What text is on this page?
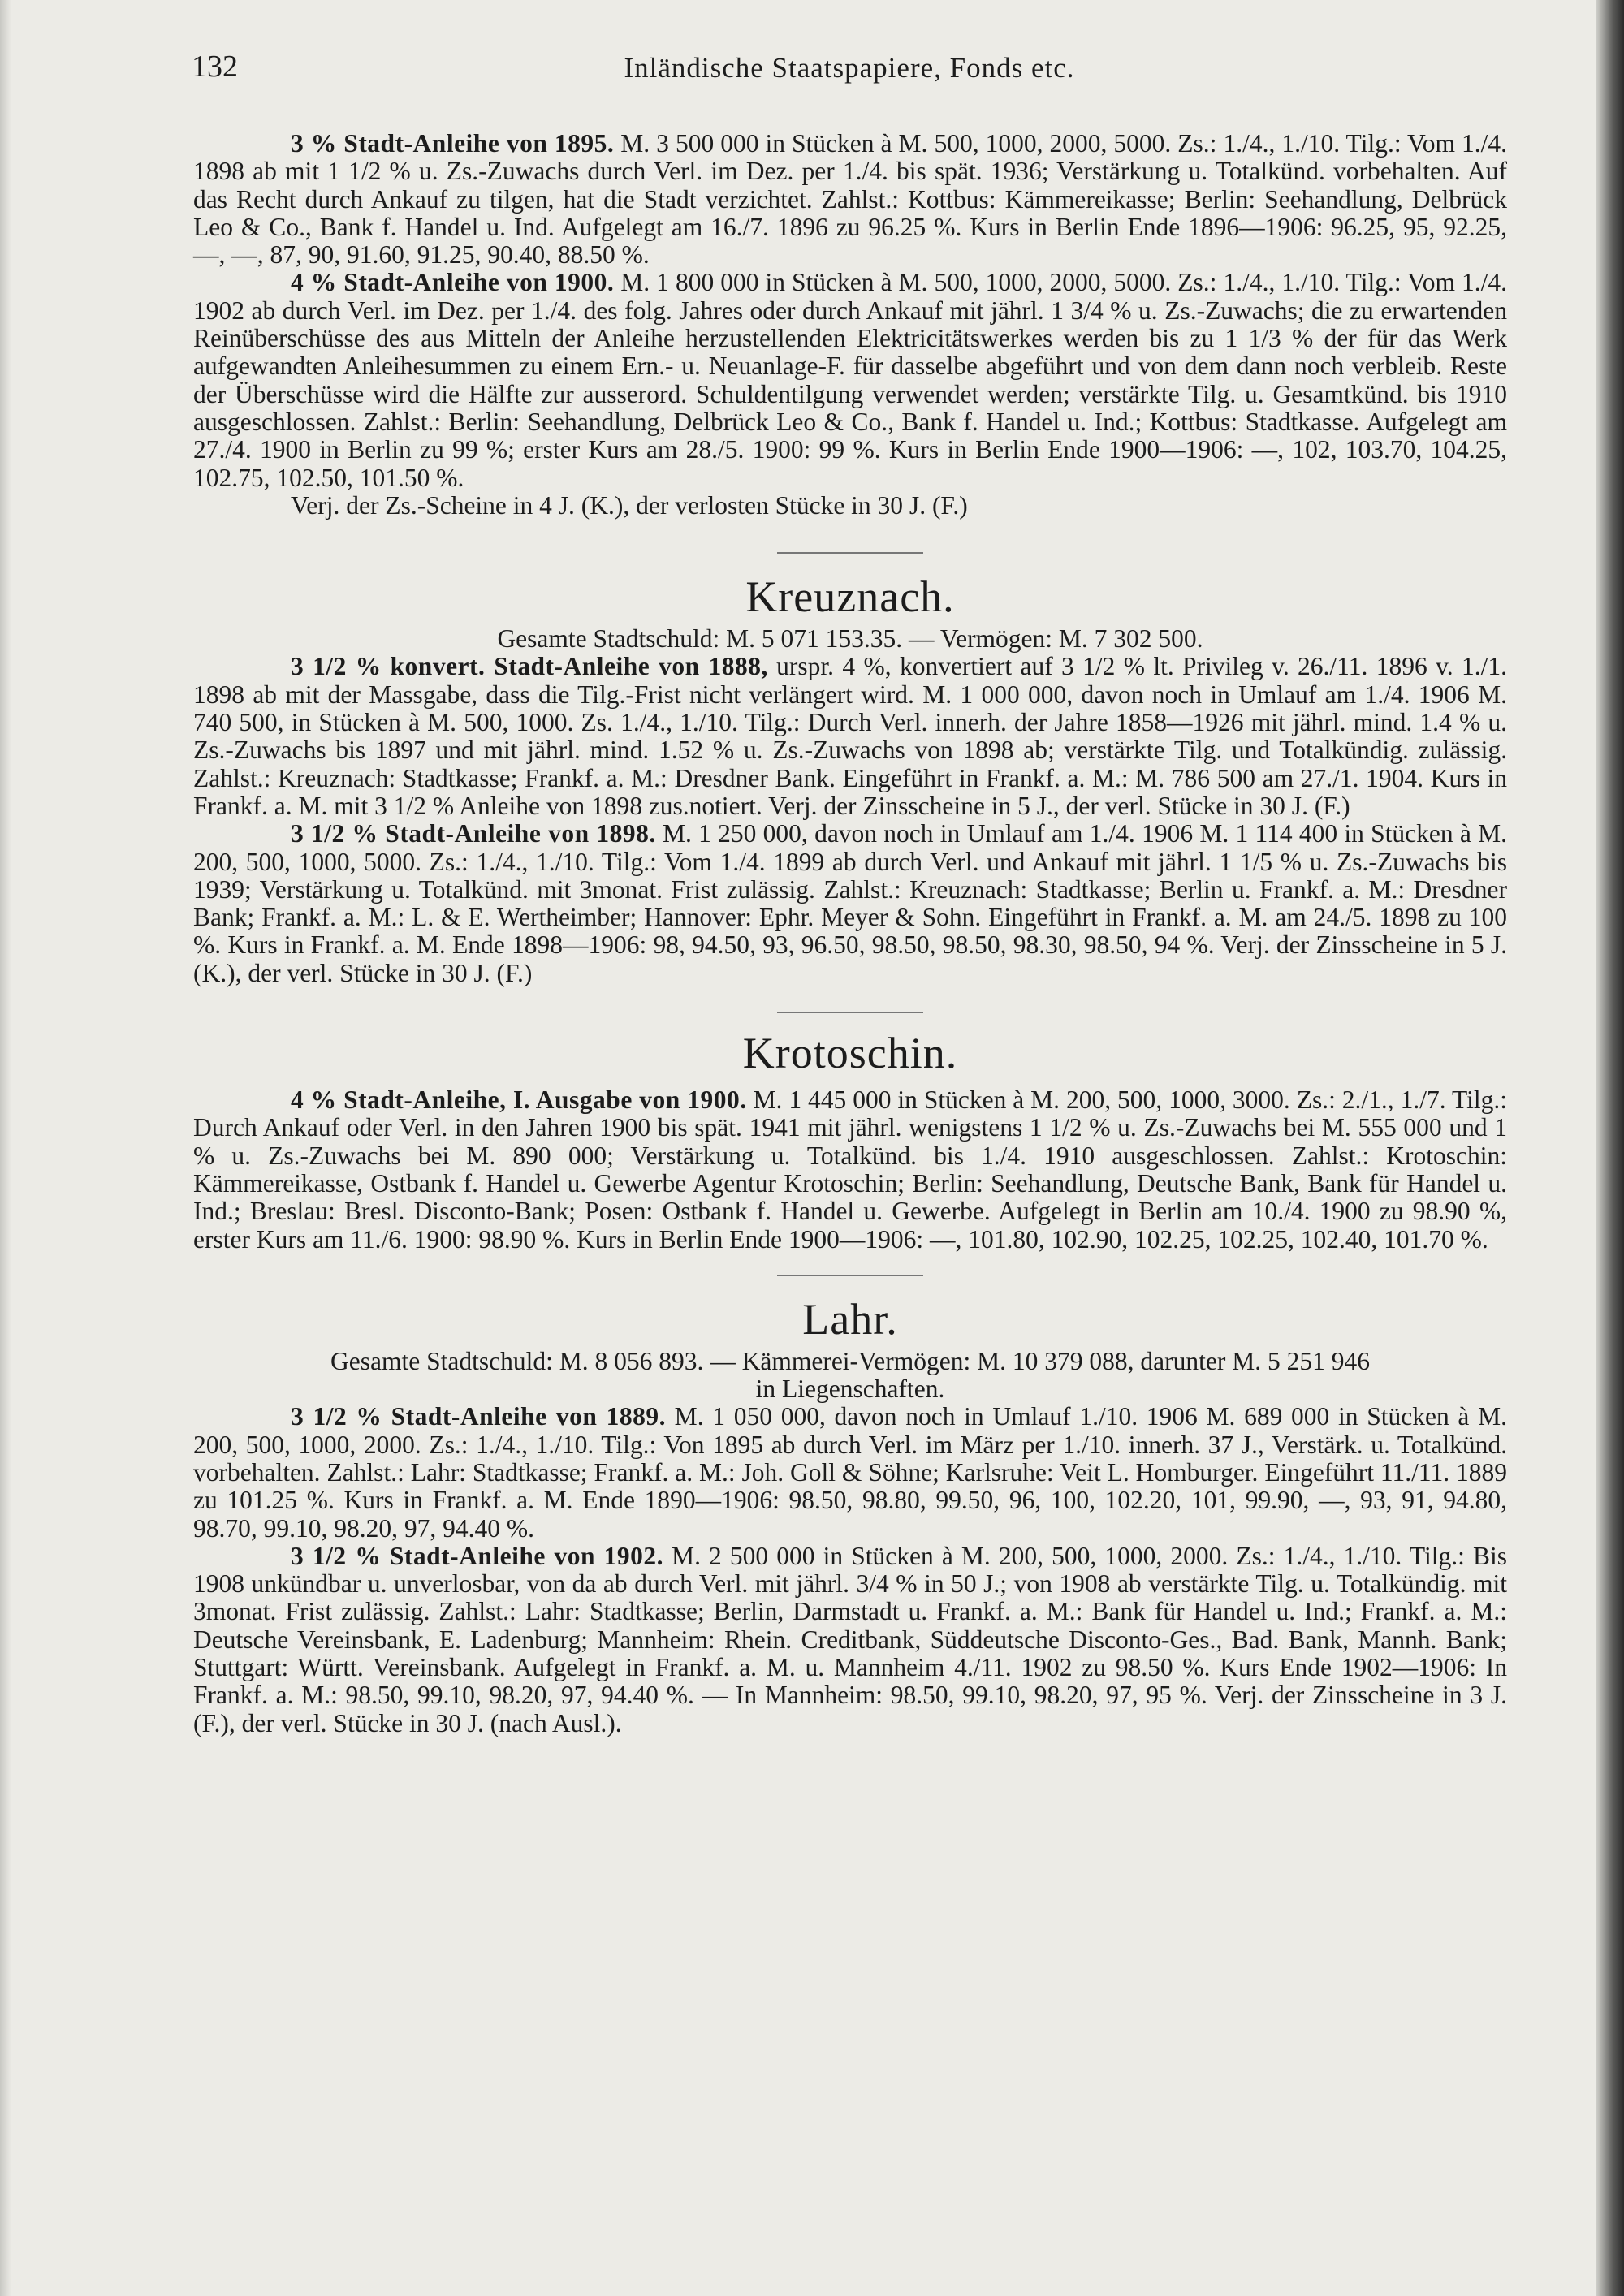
132	Inländische Staatspapiere, Fonds etc.

3 % Stadt-Anleihe von 1895. M. 3 500 000 in Stücken à M. 500, 1000, 2000, 5000. Zs.: 1./4., 1./10. Tilg.: Vom 1./4. 1898 ab mit 1 1/2 % u. Zs.-Zuwachs durch Verl. im Dez. per 1./4. bis spät. 1936; Verstärkung u. Totalkünd. vorbehalten. Auf das Recht durch Ankauf zu tilgen, hat die Stadt verzichtet. Zahlst.: Kottbus: Kämmereikasse; Berlin: Seehandlung, Delbrück Leo & Co., Bank f. Handel u. Ind. Aufgelegt am 16./7. 1896 zu 96.25 %. Kurs in Berlin Ende 1896—1906: 96.25, 95, 92.25, —, —, 87, 90, 91.60, 91.25, 90.40, 88.50 %.

4 % Stadt-Anleihe von 1900. M. 1 800 000 in Stücken à M. 500, 1000, 2000, 5000. Zs.: 1./4., 1./10. Tilg.: Vom 1./4. 1902 ab durch Verl. im Dez. per 1./4. des folg. Jahres oder durch Ankauf mit jährl. 1 3/4 % u. Zs.-Zuwachs; die zu erwartenden Reinüberschüsse des aus Mitteln der Anleihe herzustellenden Elektricitätswerkes werden bis zu 1 1/3 % der für das Werk aufgewandten Anleihesummen zu einem Ern.- u. Neuanlage-F. für dasselbe abgeführt und von dem dann noch verbleib. Reste der Überschüsse wird die Hälfte zur ausserord. Schuldentilgung verwendet werden; verstärkte Tilg. u. Gesamtkünd. bis 1910 ausgeschlossen. Zahlst.: Berlin: Seehandlung, Delbrück Leo & Co., Bank f. Handel u. Ind.; Kottbus: Stadtkasse. Aufgelegt am 27./4. 1900 in Berlin zu 99 %; erster Kurs am 28./5. 1900: 99 %. Kurs in Berlin Ende 1900—1906: —, 102, 103.70, 104.25, 102.75, 102.50, 101.50 %.

Verj. der Zs.-Scheine in 4 J. (K.), der verlosten Stücke in 30 J. (F.)

Kreuznach.

Gesamte Stadtschuld: M. 5 071 153.35. — Vermögen: M. 7 302 500.

3 1/2 % konvert. Stadt-Anleihe von 1888, urspr. 4 %, konvertiert auf 3 1/2 % lt. Privileg v. 26./11. 1896 v. 1./1. 1898 ab mit der Massgabe, dass die Tilg.-Frist nicht verlängert wird. M. 1 000 000, davon noch in Umlauf am 1./4. 1906 M. 740 500, in Stücken à M. 500, 1000. Zs. 1./4., 1./10. Tilg.: Durch Verl. innerh. der Jahre 1858—1926 mit jährl. mind. 1.4 % u. Zs.-Zuwachs bis 1897 und mit jährl. mind. 1.52 % u. Zs.-Zuwachs von 1898 ab; verstärkte Tilg. und Totalkündig. zulässig. Zahlst.: Kreuznach: Stadtkasse; Frankf. a. M.: Dresdner Bank. Eingeführt in Frankf. a. M.: M. 786 500 am 27./1. 1904. Kurs in Frankf. a. M. mit 3 1/2 % Anleihe von 1898 zus.notiert. Verj. der Zinsscheine in 5 J., der verl. Stücke in 30 J. (F.)

3 1/2 % Stadt-Anleihe von 1898. M. 1 250 000, davon noch in Umlauf am 1./4. 1906 M. 1 114 400 in Stücken à M. 200, 500, 1000, 5000. Zs.: 1./4., 1./10. Tilg.: Vom 1./4. 1899 ab durch Verl. und Ankauf mit jährl. 1 1/5 % u. Zs.-Zuwachs bis 1939; Verstärkung u. Totalkünd. mit 3monat. Frist zulässig. Zahlst.: Kreuznach: Stadtkasse; Berlin u. Frankf. a. M.: Dresdner Bank; Frankf. a. M.: L. & E. Wertheimber; Hannover: Ephr. Meyer & Sohn. Eingeführt in Frankf. a. M. am 24./5. 1898 zu 100 %. Kurs in Frankf. a. M. Ende 1898—1906: 98, 94.50, 93, 96.50, 98.50, 98.50, 98.30, 98.50, 94 %. Verj. der Zinsscheine in 5 J. (K.), der verl. Stücke in 30 J. (F.)

Krotoschin.

4 % Stadt-Anleihe, I. Ausgabe von 1900. M. 1 445 000 in Stücken à M. 200, 500, 1000, 3000. Zs.: 2./1., 1./7. Tilg.: Durch Ankauf oder Verl. in den Jahren 1900 bis spät. 1941 mit jährl. wenigstens 1 1/2 % u. Zs.-Zuwachs bei M. 555 000 und 1 % u. Zs.-Zuwachs bei M. 890 000; Verstärkung u. Totalkünd. bis 1./4. 1910 ausgeschlossen. Zahlst.: Krotoschin: Kämmereikasse, Ostbank f. Handel u. Gewerbe Agentur Krotoschin; Berlin: Seehandlung, Deutsche Bank, Bank für Handel u. Ind.; Breslau: Bresl. Disconto-Bank; Posen: Ostbank f. Handel u. Gewerbe. Aufgelegt in Berlin am 10./4. 1900 zu 98.90 %, erster Kurs am 11./6. 1900: 98.90 %. Kurs in Berlin Ende 1900—1906: —, 101.80, 102.90, 102.25, 102.25, 102.40, 101.70 %.

Lahr.

Gesamte Stadtschuld: M. 8 056 893. — Kämmerei-Vermögen: M. 10 379 088, darunter M. 5 251 946

in Liegenschaften.

3 1/2 % Stadt-Anleihe von 1889. M. 1 050 000, davon noch in Umlauf 1./10. 1906 M. 689 000 in Stücken à M. 200, 500, 1000, 2000. Zs.: 1./4., 1./10. Tilg.: Von 1895 ab durch Verl. im März per 1./10. innerh. 37 J., Verstärk. u. Totalkünd. vorbehalten. Zahlst.: Lahr: Stadtkasse; Frankf. a. M.: Joh. Goll & Söhne; Karlsruhe: Veit L. Homburger. Eingeführt 11./11. 1889 zu 101.25 %. Kurs in Frankf. a. M. Ende 1890—1906: 98.50, 98.80, 99.50, 96, 100, 102.20, 101, 99.90, —, 93, 91, 94.80, 98.70, 99.10, 98.20, 97, 94.40 %.

3 1/2 % Stadt-Anleihe von 1902. M. 2 500 000 in Stücken à M. 200, 500, 1000, 2000. Zs.: 1./4., 1./10. Tilg.: Bis 1908 unkündbar u. unverlosbar, von da ab durch Verl. mit jährl. 3/4 % in 50 J.; von 1908 ab verstärkte Tilg. u. Totalkündig. mit 3monat. Frist zulässig. Zahlst.: Lahr: Stadtkasse; Berlin, Darmstadt u. Frankf. a. M.: Bank für Handel u. Ind.; Frankf. a. M.: Deutsche Vereinsbank, E. Ladenburg; Mannheim: Rhein. Creditbank, Süddeutsche Disconto-Ges., Bad. Bank, Mannh. Bank; Stuttgart: Württ. Vereinsbank. Aufgelegt in Frankf. a. M. u. Mannheim 4./11. 1902 zu 98.50 %. Kurs Ende 1902—1906: In Frankf. a. M.: 98.50, 99.10, 98.20, 97, 94.40 %. — In Mannheim: 98.50, 99.10, 98.20, 97, 95 %. Verj. der Zinsscheine in 3 J. (F.), der verl. Stücke in 30 J. (nach Ausl.).
